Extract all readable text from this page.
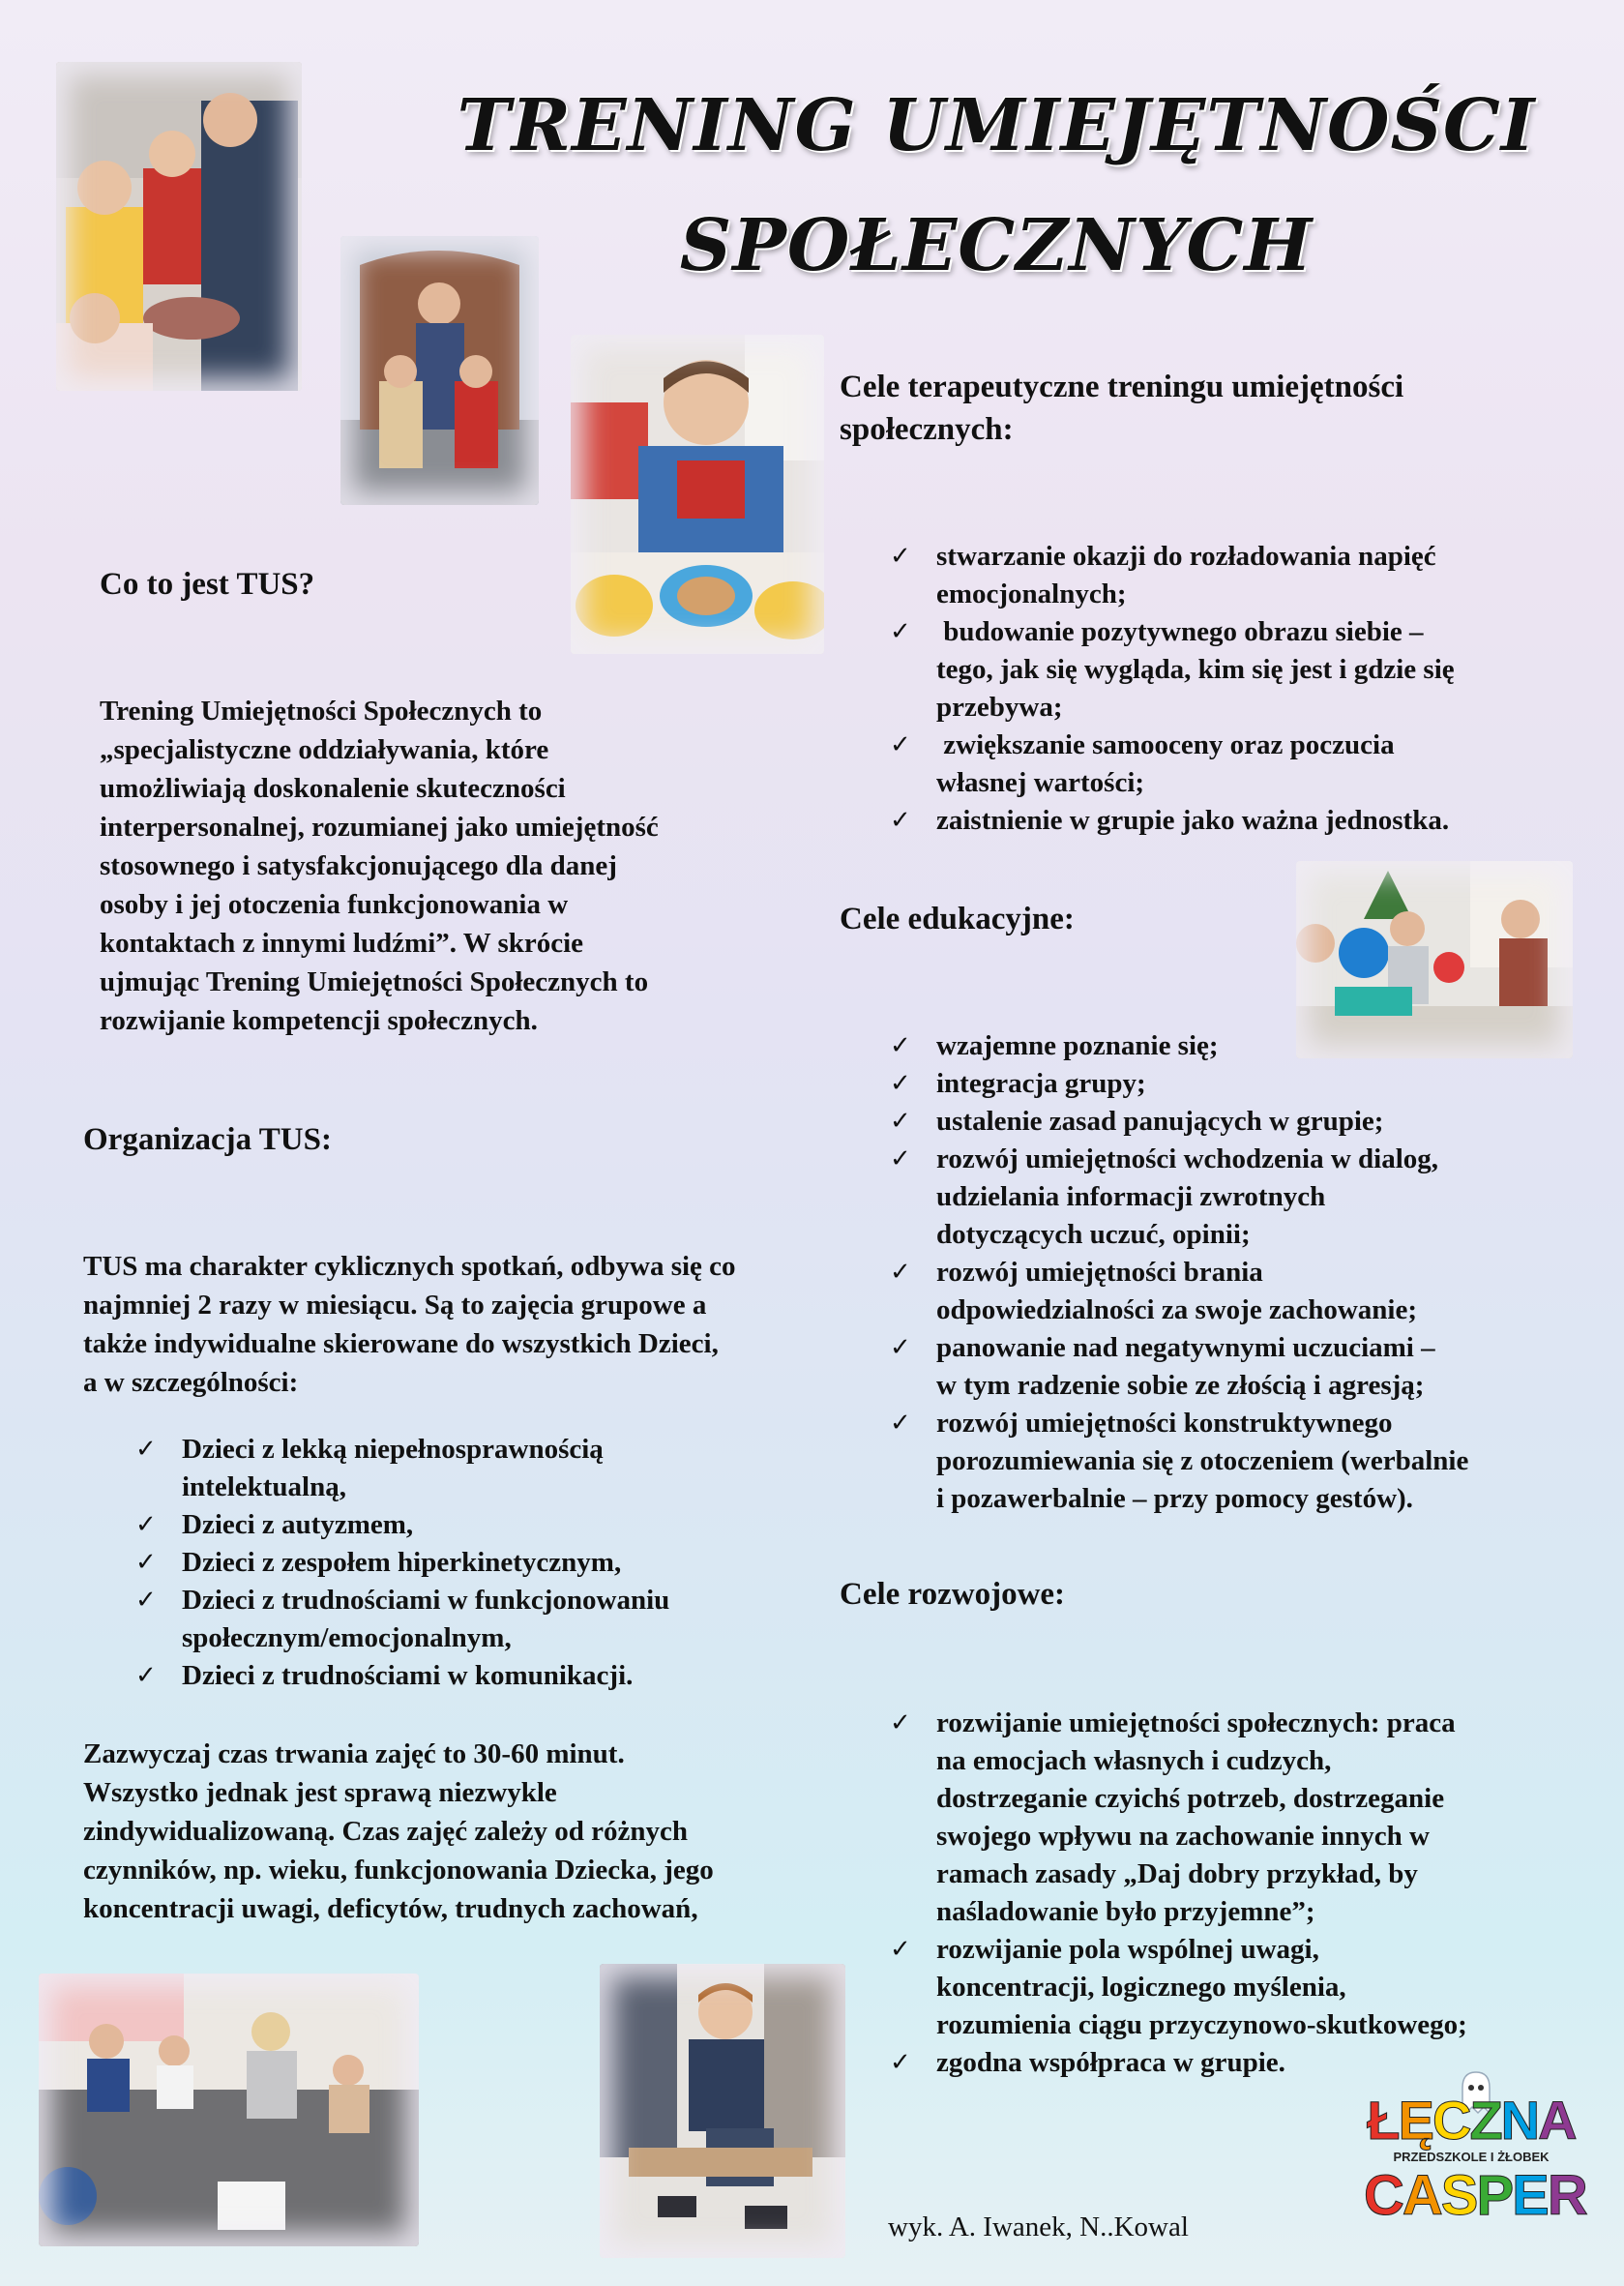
TRENING UMIEJĘTNOŚCI
SPOŁECZNYCH
Co to jest TUS?
Trening Umiejętności Społecznych to
„specjalistyczne oddziaływania, które
umożliwiają doskonalenie skuteczności
interpersonalnej, rozumianej jako umiejętność
stosownego i satysfakcjonującego dla danej
osoby i jej otoczenia funkcjonowania w
kontaktach z innymi ludźmi”. W skrócie
ujmując Trening Umiejętności Społecznych to
rozwijanie kompetencji społecznych.
Organizacja TUS:
TUS ma charakter cyklicznych spotkań, odbywa się co
najmniej 2 razy w miesiącu. Są to zajęcia grupowe a
także indywidualne skierowane do wszystkich Dzieci,
a w szczególności:
✓ Dzieci z lekką niepełnosprawnością
intelektualną,
✓ Dzieci z autyzmem,
✓ Dzieci z zespołem hiperkinetycznym,
✓ Dzieci z trudnościami w funkcjonowaniu
społecznym/emocjonalnym,
✓ Dzieci z trudnościami w komunikacji.
Zazwyczaj czas trwania zajęć to 30-60 minut.
Wszystko jednak jest sprawą niezwykle
zindywidualizowaną. Czas zajęć zależy od różnych
czynników, np. wieku, funkcjonowania Dziecka, jego
koncentracji uwagi, deficytów, trudnych zachowań,
Cele terapeutyczne treningu umiejętności
społecznych:
✓ stwarzanie okazji do rozładowania napięć
emocjonalnych;
✓ budowanie pozytywnego obrazu siebie –
tego, jak się wygląda, kim się jest i gdzie się
przebywa;
✓ zwiększanie samooceny oraz poczucia
własnej wartości;
✓ zaistnienie w grupie jako ważna jednostka.
Cele edukacyjne:
✓ wzajemne poznanie się;
✓ integracja grupy;
✓ ustalenie zasad panujących w grupie;
✓ rozwój umiejętności wchodzenia w dialog,
udzielania informacji zwrotnych
dotyczących uczuć, opinii;
✓ rozwój umiejętności brania
odpowiedzialności za swoje zachowanie;
✓ panowanie nad negatywnymi uczuciami –
w tym radzenie sobie ze złością i agresją;
✓ rozwój umiejętności konstruktywnego
porozumiewania się z otoczeniem (werbalnie
i pozawerbalnie – przy pomocy gestów).
Cele rozwojowe:
✓ rozwijanie umiejętności społecznych: praca
na emocjach własnych i cudzych,
dostrzeganie czyichś potrzeb, dostrzeganie
swojego wpływu na zachowanie innych w
ramach zasady „Daj dobry przykład, by
naśladowanie było przyjemne”;
✓ rozwijanie pola wspólnej uwagi,
koncentracji, logicznego myślenia,
rozumienia ciągu przyczynowo-skutkowego;
✓ zgodna współpraca w grupie.
wyk. A. Iwanek, N..Kowal
ŁĘCZNA
PRZEDSZKOLE I ŻŁOBEK
CASPER
